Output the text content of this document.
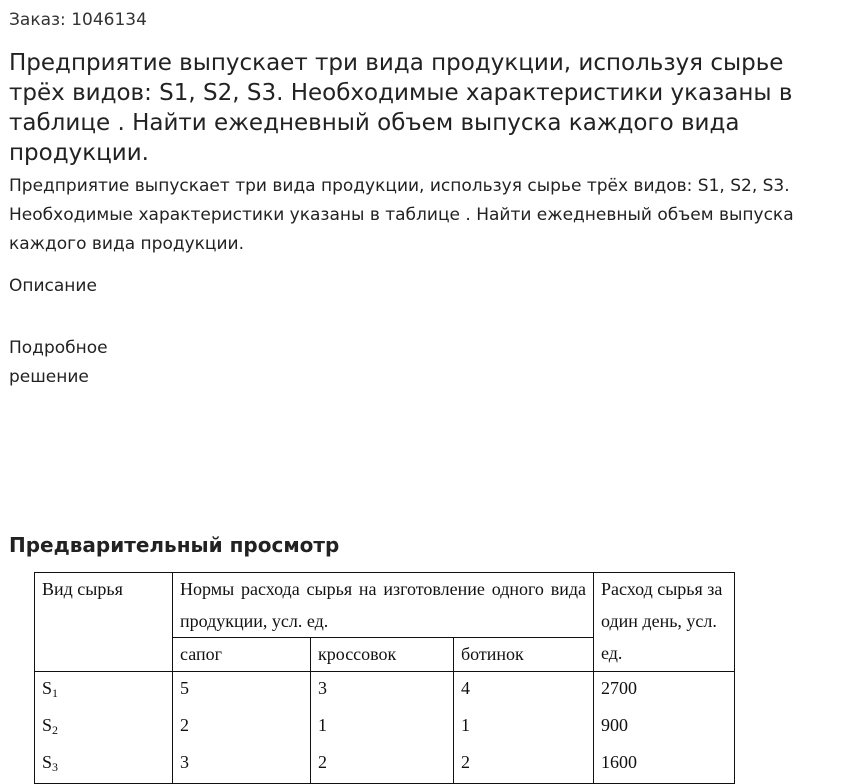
Заказ: 1046134
Предприятие выпускает три вида продукции, используя сырье трёх видов: S1, S2, S3. Необходимые характеристики указаны в таблице . Найти ежедневный объем выпуска каждого вида продукции.

Предприятие выпускает три вида продукции, используя сырье трёх видов: S1, S2, S3. Необходимые характеристики указаны в таблице . Найти ежедневный объем выпуска каждого вида продукции.

Описание
Подробное решение
Предварительный просмотр
Вид сырья	Нормы расхода сырья на изготовление одного вида продукции, усл. ед.			Расход сырья за один день, усл. ед.
	сапог	кроссовок	ботинок	
$S_1$	5	3	4	2700
$S_2$	2	1	1	900
$S_3$	3	2	2	1600
